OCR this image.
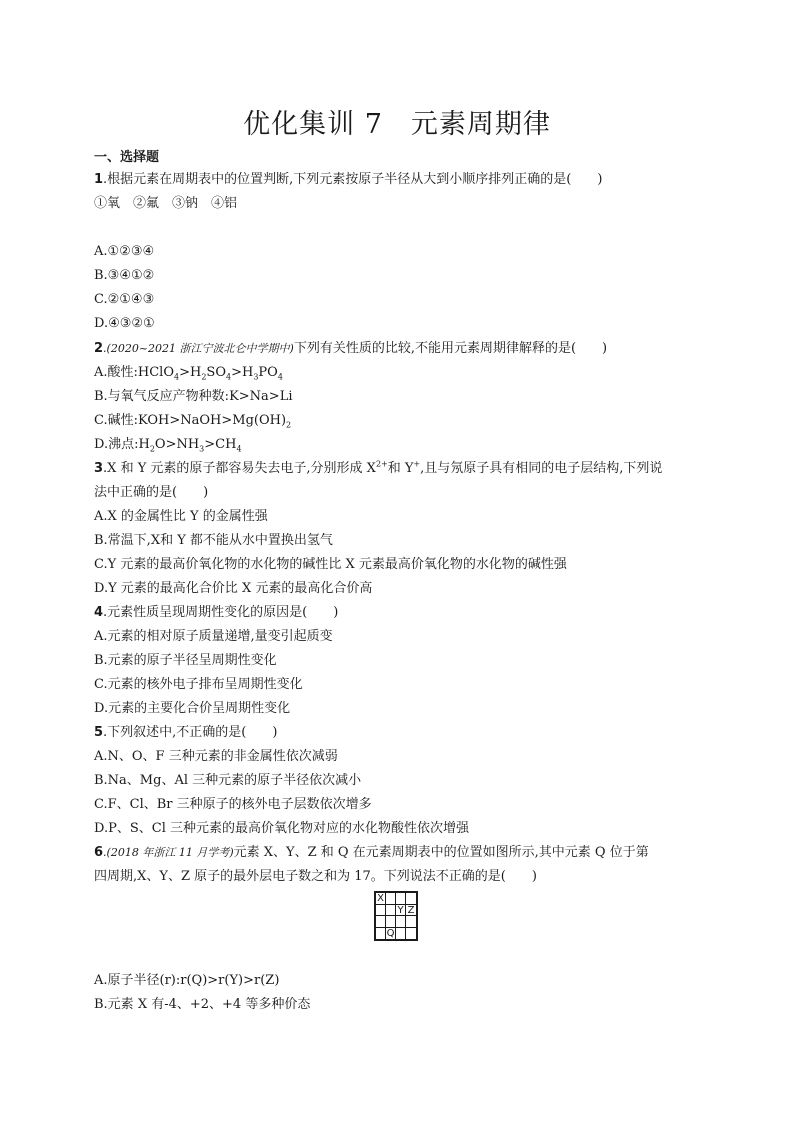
优化集训 7　元素周期律
一、选择题
1.根据元素在周期表中的位置判断,下列元素按原子半径从大到小顺序排列正确的是(　　)
①氧　②氟　③钠　④铝
A.①②③④
B.③④①②
C.②①④③
D.④③②①
2.(2020~2021 浙江宁波北仑中学期中)下列有关性质的比较,不能用元素周期律解释的是(　　)
A.酸性$:HClO_4>H_2SO_4>H_3PO_4$
B.与氧气反应产物种数:K>Na>Li
C.碱性$:KOH>NaOH>Mg(OH)_2$
D.沸点$:H_2O>NH_3>CH_4$
3.X 和 Y 元素的原子都容易失去电子,分别形成 $X^{2+}$和 Y+,且与氖原子具有相同的电子层结构,下列说
法中正确的是(　　)
A.X 的金属性比 Y 的金属性强
B.常温下,X和 Y 都不能从水中置换出氢气
C.Y 元素的最高价氧化物的水化物的碱性比 X 元素最高价氧化物的水化物的碱性强
D.Y 元素的最高化合价比 X 元素的最高化合价高
4.元素性质呈现周期性变化的原因是(　　)
A.元素的相对原子质量递增,量变引起质变
B.元素的原子半径呈周期性变化
C.元素的核外电子排布呈周期性变化
D.元素的主要化合价呈周期性变化
5.下列叙述中,不正确的是(　　)
A.N、O、F 三种元素的非金属性依次减弱
B.Na、Mg、Al 三种元素的原子半径依次减小
C.F、Cl、Br 三种原子的核外电子层数依次增多
D.P、S、Cl 三种元素的最高价氧化物对应的水化物酸性依次增强
6.(2018 年浙江 11 月学考)元素 X、Y、Z 和 Q 在元素周期表中的位置如图所示,其中元素 Q 位于第
四周期,X、Y、Z 原子的最外层电子数之和为 17。下列说法不正确的是(　　)
X
Y Z
Q
A.原子半径(r):r(Q)>r(Y)>r(Z)
B.元素 X 有-4、+2、+4 等多种价态
